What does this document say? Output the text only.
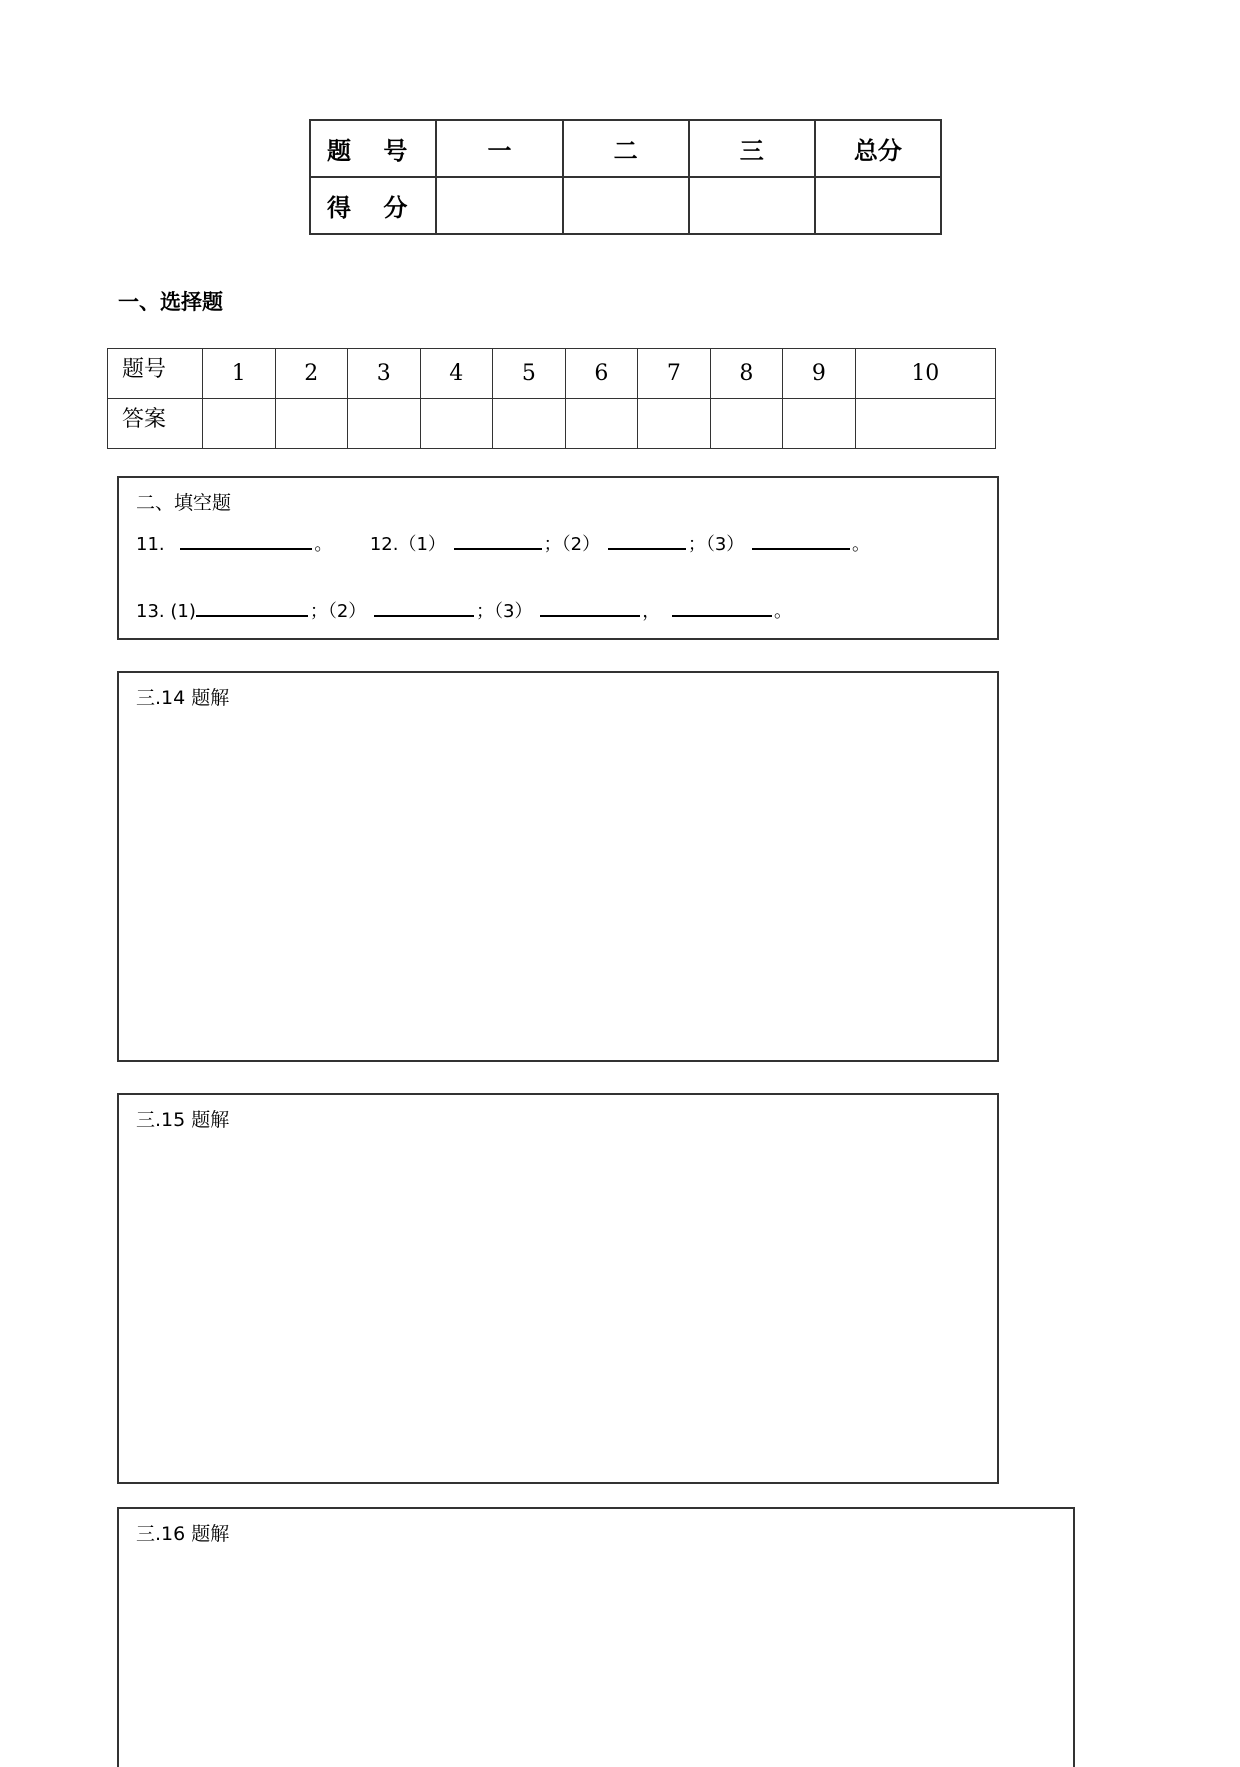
题 号	一	二	三	总分
得 分				
一、选择题
题号	1	2	3	4	5	6	7	8	9	10
答案										
二、填空题
11.	。 12.（1）	；（2）	；（3）	。
13. (1)	；（2）	；（3）	，	。
三.14 题解
三.15 题解
三.16 题解
